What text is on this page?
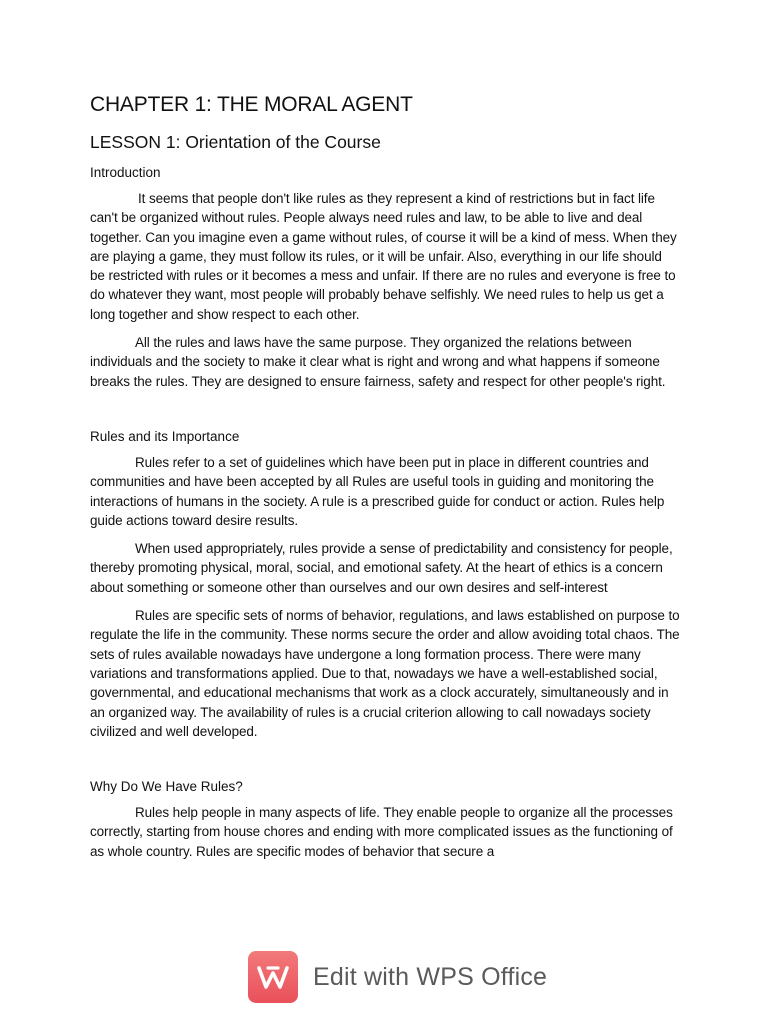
CHAPTER 1: THE MORAL AGENT
LESSON 1: Orientation of the Course
Introduction

It seems that people don't like rules as they represent a kind of restrictions but in fact life can't be organized without rules. People always need rules and law, to be able to live and deal together. Can you imagine even a game without rules, of course it will be a kind of mess. When they are playing a game, they must follow its rules, or it will be unfair. Also, everything in our life should be restricted with rules or it becomes a mess and unfair. If there are no rules and everyone is free to do whatever they want, most people will probably behave selfishly. We need rules to help us get a long together and show respect to each other.

All the rules and laws have the same purpose. They organized the relations between individuals and the society to make it clear what is right and wrong and what happens if someone breaks the rules. They are designed to ensure fairness, safety and respect for other people's right.

Rules and its Importance

Rules refer to a set of guidelines which have been put in place in different countries and communities and have been accepted by all Rules are useful tools in guiding and monitoring the interactions of humans in the society. A rule is a prescribed guide for conduct or action. Rules help guide actions toward desire results.

When used appropriately, rules provide a sense of predictability and consistency for people, thereby promoting physical, moral, social, and emotional safety. At the heart of ethics is a concern about something or someone other than ourselves and our own desires and self-interest

Rules are specific sets of norms of behavior, regulations, and laws established on purpose to regulate the life in the community. These norms secure the order and allow avoiding total chaos. The sets of rules available nowadays have undergone a long formation process. There were many variations and transformations applied. Due to that, nowadays we have a well-established social, governmental, and educational mechanisms that work as a clock accurately, simultaneously and in an organized way. The availability of rules is a crucial criterion allowing to call nowadays society civilized and well developed.

Why Do We Have Rules?

Rules help people in many aspects of life. They enable people to organize all the processes correctly, starting from house chores and ending with more complicated issues as the functioning of as whole country. Rules are specific modes of behavior that secure a

Edit with WPS Office
